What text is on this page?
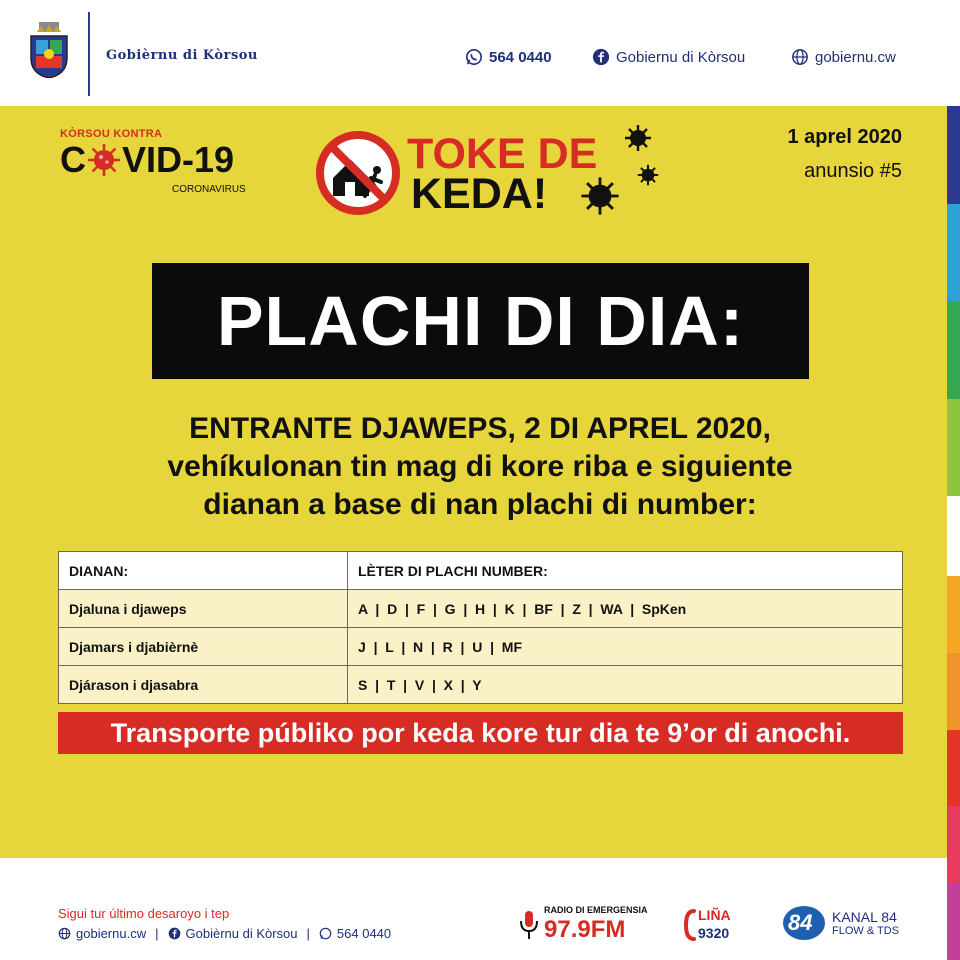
Gobièrnu di Kòrsou	564 0440	Gobiernu di Kòrsou	gobiernu.cw
KÒRSOU KONTRA
C VID-19
CORONAVIRUS
TOKE DE
KEDA!
1 aprel 2020
anunsio #5
PLACHI DI DIA:
ENTRANTE DJAWEPS, 2 DI APREL 2020,
vehíkulonan tin mag di kore riba e siguiente
dianan a base di nan plachi di number:
DIANAN:	LÈTER DI PLACHI NUMBER:
Djaluna i djaweps	A  |  D  |  F  |  G  |  H  |  K  |  BF  |  Z  |  WA  |  SpKen
Djamars i djabièrnè	J  |  L  |  N  |  R  |  U  |  MF
Djárason i djasabra	S  |  T  |  V  |  X  |  Y
Transporte públiko por keda kore tur dia te 9’or di anochi.
Sigui tur último desaroyo i tep
gobiernu.cw | Gobièrnu di Kòrsou | 564 0440
RADIO DI EMERGENSIA
97.9FM
LIÑA
9320	84 KANAL 84
FLOW & TDS
